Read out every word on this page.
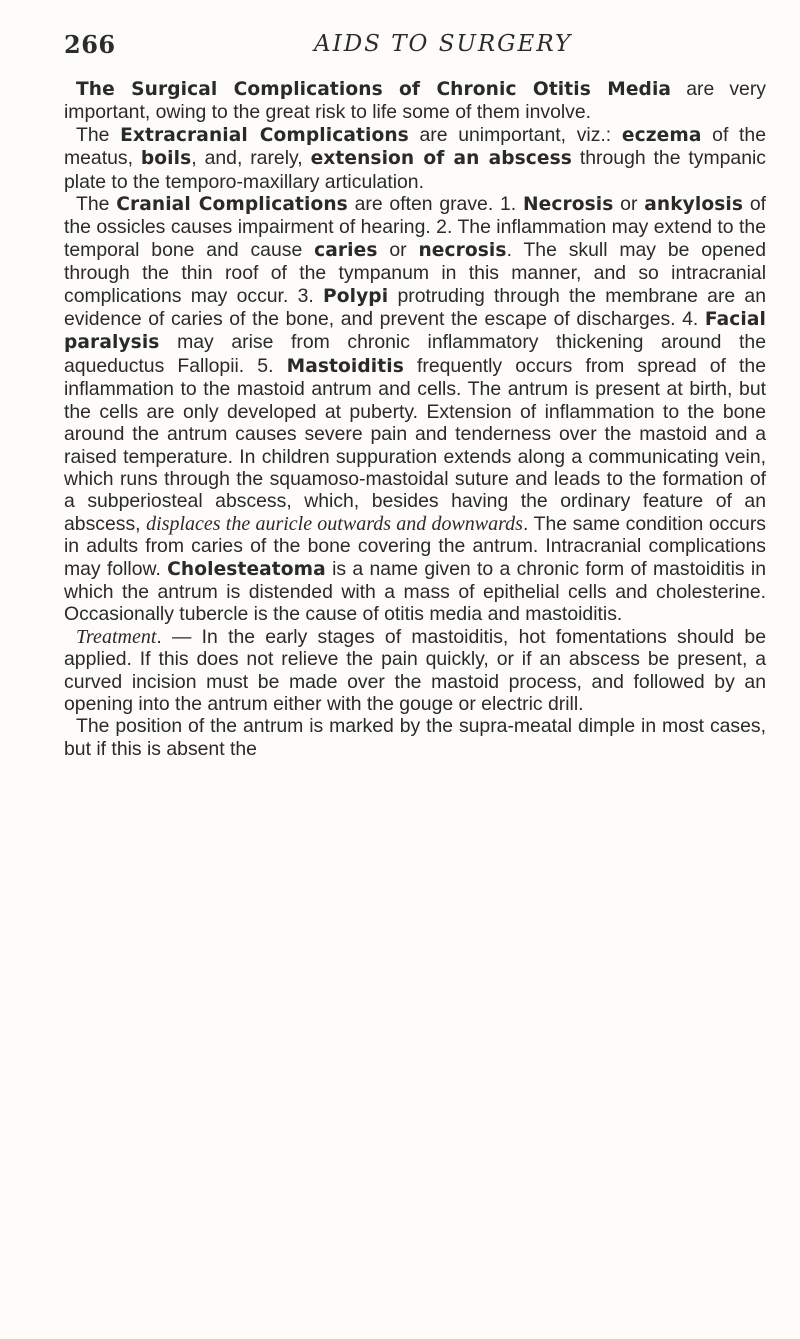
266	AIDS TO SURGERY

The Surgical Complications of Chronic Otitis Media are very important, owing to the great risk to life some of them involve.

The Extracranial Complications are unimportant, viz.: eczema of the meatus, boils, and, rarely, extension of an abscess through the tympanic plate to the temporo-maxillary articulation.

The Cranial Complications are often grave. 1. Necrosis or ankylosis of the ossicles causes impairment of hearing. 2. The inflammation may extend to the temporal bone and cause caries or necrosis. The skull may be opened through the thin roof of the tympanum in this manner, and so intracranial complications may occur. 3. Polypi protruding through the membrane are an evidence of caries of the bone, and prevent the escape of discharges. 4. Facial paralysis may arise from chronic inflammatory thickening around the aqueductus Fallopii. 5. Mastoiditis frequently occurs from spread of the inflammation to the mastoid antrum and cells. The antrum is present at birth, but the cells are only developed at puberty. Extension of inflammation to the bone around the antrum causes severe pain and tenderness over the mastoid and a raised temperature. In children suppuration extends along a communicating vein, which runs through the squamoso-mastoidal suture and leads to the formation of a subperiosteal abscess, which, besides having the ordinary feature of an abscess, displaces the auricle outwards and downwards. The same condition occurs in adults from caries of the bone covering the antrum. Intracranial complications may follow. Cholesteatoma is a name given to a chronic form of mastoiditis in which the antrum is distended with a mass of epithelial cells and cholesterine. Occasionally tubercle is the cause of otitis media and mastoiditis.

Treatment. — In the early stages of mastoiditis, hot fomentations should be applied. If this does not relieve the pain quickly, or if an abscess be present, a curved incision must be made over the mastoid process, and followed by an opening into the antrum either with the gouge or electric drill.

The position of the antrum is marked by the supra-meatal dimple in most cases, but if this is absent the
